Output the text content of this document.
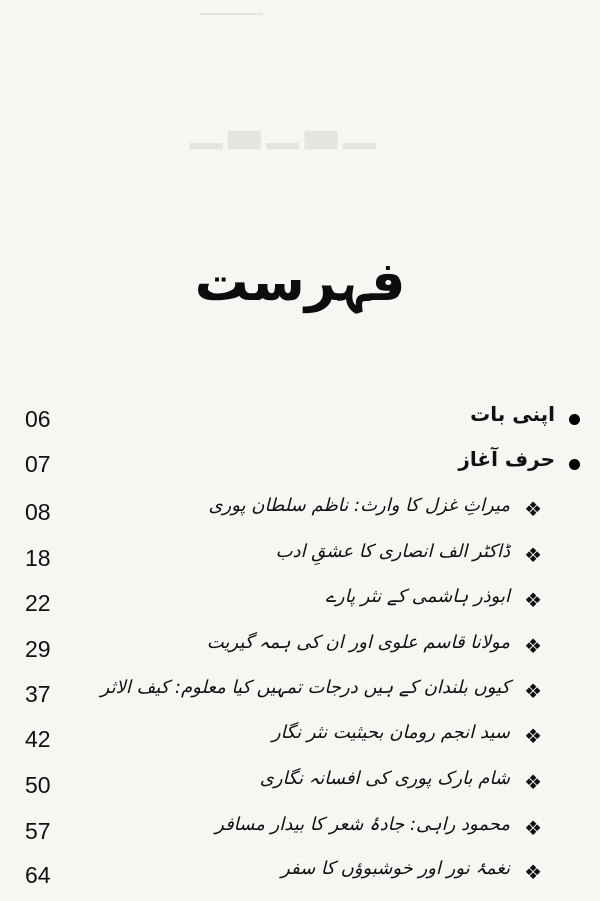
────
▁▃▁▃▁
فہرست
06	اپنی بات
07	حرف آغاز
08	میراثِ غزل کا وارث: ناظم سلطان پوری ❖
18	ڈاکٹر الف انصاری کا عشقِ ادب ❖
22	ابوذر ہاشمی کے نثر پارے ❖
29	مولانا قاسم علوی اور ان کی ہمہ گیریت ❖
37	کیوں بلندان کے ہیں درجات تمہیں کیا معلوم: کیف الاثر ❖
42	سید انجم رومان بحیثیت نثر نگار ❖
50	شام بارک پوری کی افسانہ نگاری ❖
57	محمود راہی: جادۂ شعر کا بیدار مسافر ❖
64	نغمۂ نور اور خوشبوؤں کا سفر ❖
